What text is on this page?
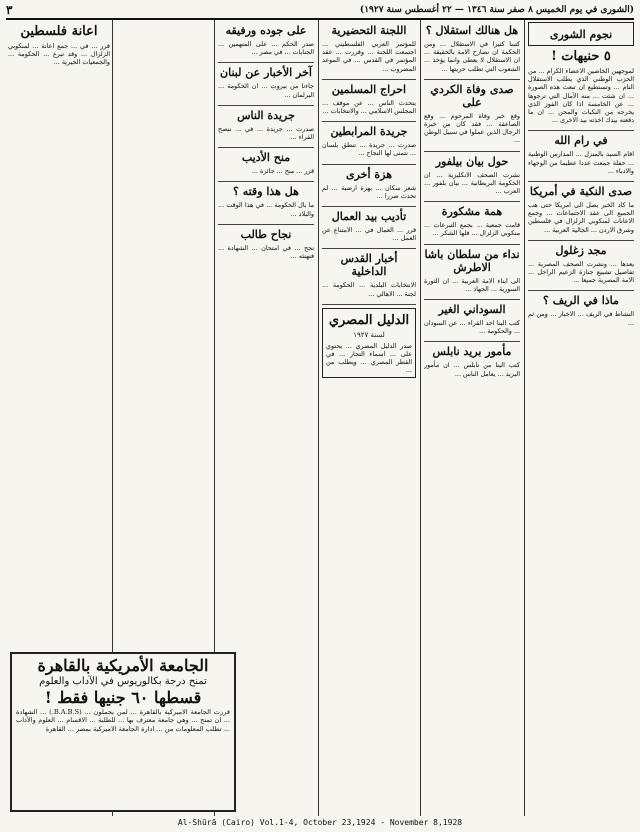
(الشورى في يوم الخميس ٨ صفر سنة ١٣٤٦ — ٢٢ أغسطس سنة ١٩٢٧)
٣
نجوم الشورى
٥ حنيهات !
لموجهين الخاصين الاعضاء الكرام ... من الحزب الوطني الذي يطلب الاستقلال التام ... وتستطيع ان تبعث هذه الصورة ... ان شئت ... منه الآمال التي ترجوها ... عن الخامسة اذا كان الفوز الذي يخرجه من النكبات والمحن ... ان ما دفعته بيدك اخذته بيد الاخرى ...
في رام الله
اقام السيد بالمنزل ... المدارس الوطنية ... حفلة جمعت عددا عظيما من الوجهاء والادباء ...
صدى النكبة في أمريكا
ما كاد الخبر يصل الى امريكا حتى هب الجميع الى عقد الاجتماعات ... وجمع الاعانات لمنكوبي الزلزال في فلسطين وشرق الاردن ... الجالية العربية ...
مجد زغلول
يعدها ... ونشرت الصحف المصرية ... تفاصيل تشييع جنازة الزعيم الراحل ... الامة المصرية جميعا ...
ماذا في الريف ؟
النشاط في الريف ... الاخبار ... ومن ثم ...
هل هنالك استقلال ؟
كتبنا كثيرا في الاستقلال ... ومن الحكمة ان نصارح الامة بالحقيقة ... ان الاستقلال لا يعطى وانما يؤخذ ... الشعوب التي تطلب حريتها ...
صدى وفاة الكردي على
وقع خبر وفاة المرحوم ... وقع الصاعقة ... فقد كان من خيرة الرجال الذين عملوا في سبيل الوطن ...
حول بيان بيلفور
نشرت الصحف الانكليزية ... ان الحكومة البريطانية ... بيان بلفور ... العرب ...
همة مشكورة
قامت جمعية ... بجمع التبرعات ... منكوبي الزلزال ... فلها الشكر ...
نداء من سلطان باشا الاطرش
الى ابناء الامة العربية ... ان الثورة السورية ... الجهاد ...
السوداني الغير
كتب الينا احد القراء ... عن السودان ... والحكومة ...
مأمور بريد نابلس
كتب الينا من نابلس ... ان مأمور البريد ... يعامل الناس ...
اللجنة التحضيرية
للمؤتمر العربي الفلسطيني ... اجتمعت اللجنة ... وقررت ... عقد المؤتمر في القدس ... في الموعد المضروب ...
احراج المسلمين
يتحدث الناس ... عن موقف ... المجلس الاسلامي ... والانتخابات ...
جريدة المرابطين
صدرت ... جريدة ... تنطق بلسان ... نتمنى لها النجاح ...
هزة أخرى
شعر سكان ... بهزة ارضية ... لم تحدث ضررا ...
تأديب بيد العمال
قرر ... العمال في ... الامتناع عن العمل ...
أخبار القدس الداخلية
الانتخابات البلدية ... الحكومة ... لجنة ... الاهالي ...
الدليل المصري
لسنة ١٩٢٧
صدر الدليل المصري ... يحتوي على ... اسماء التجار ... في القطر المصري ... ويطلب من ...
على جوده ورفيقه
صدر الحكم ... على المتهمين ... الجنايات ... في مصر ...
آخر الأخبار عن لبنان
جاءنا من بيروت ... ان الحكومة ... البرلمان ...
جريدة الناس
صدرت ... جريدة ... في ... ننصح القراء ...
منح الأديب
قرر ... منح ... جائزة ...
هل هذا وقته ؟
ما بال الحكومة ... في هذا الوقت ... والبلاد ...
نجاح طالب
نجح ... في امتحان ... الشهادة ... فنهنئه ...
اعانة فلسطين
قرر ... في ... جمع اعانة ... لمنكوبي الزلزال ... وقد تبرع ... الحكومة ... والجمعيات الخيرية ...
الجامعة الأمريكية بالقاهرة
تمنح درجة بكالوريوس في الآداب والعلوم
قسطها ٦٠ جنيها فقط !
قررت الجامعة الاميركية بالقاهرة ... لمن يحملون ... (B.A.B.S.) ... الشهادة ... ان تمنح ... وهي جامعة معترف بها ... للطلبة ... الاقسام ... العلوم والآداب ... تطلب المعلومات من ... ادارة الجامعة الاميركية بمصر ... القاهرة
Al-Shūrā (Cairo) Vol.1-4, October 23,1924 - November 8,1928
